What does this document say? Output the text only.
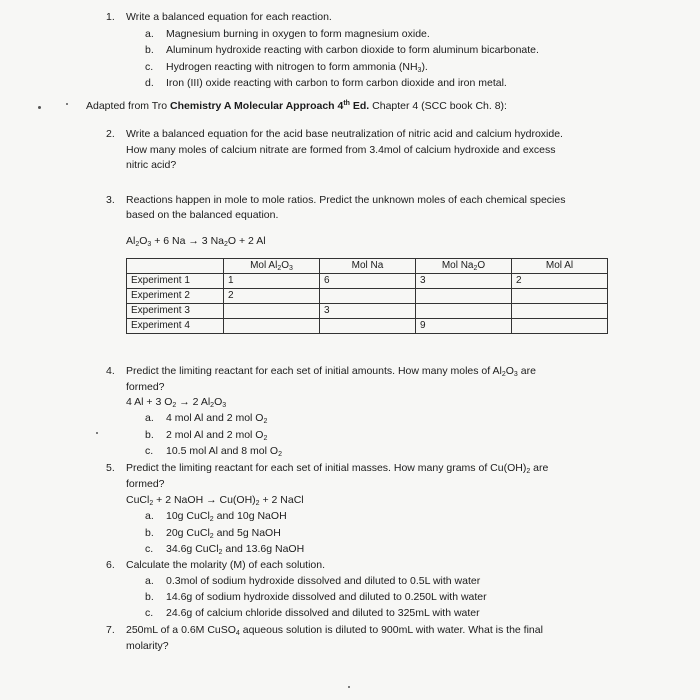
1. Write a balanced equation for each reaction.
a. Magnesium burning in oxygen to form magnesium oxide.
b. Aluminum hydroxide reacting with carbon dioxide to form aluminum bicarbonate.
c. Hydrogen reacting with nitrogen to form ammonia $(NH_3)$.
d. Iron (III) oxide reacting with carbon to form carbon dioxide and iron metal.
Adapted from Tro Chemistry A Molecular Approach 4th Ed. Chapter 4 (SCC book Ch. 8):
2. Write a balanced equation for the acid base neutralization of nitric acid and calcium hydroxide.
How many moles of calcium nitrate are formed from 3.4mol of calcium hydroxide and excess
nitric acid?
3. Reactions happen in mole to mole ratios. Predict the unknown moles of each chemical species
based on the balanced equation.
$Al_2O_3 + 6$ Na → 3 $Na_2O + 2$ Al
	Mol $Al_2O_3$	Mol Na	Mol $Na_2O$	Mol Al
Experiment 1	1	6	3	2
Experiment 2	2			
Experiment 3		3		
Experiment 4			9	
4. Predict the limiting reactant for each set of initial amounts. How many moles of $Al_2O_3$ are
formed?
4 Al + 3 $O_2 \to 2$ $Al_2O_3$
a. 4 mol Al and 2 mol $O_2$
b. 2 mol Al and 2 mol $O_2$
c. 10.5 mol Al and 8 mol $O_2$
5. Predict the limiting reactant for each set of initial masses. How many grams of $Cu(OH)_2$ are
formed?
CuCl$_2$ + 2 NaOH → $Cu(OH)_2 + 2$ NaCl
a. 10g CuCl$_2$ and 10g NaOH
b. 20g CuCl$_2$ and 5g NaOH
c. 34.6g CuCl$_2$ and 13.6g NaOH
6. Calculate the molarity (M) of each solution.
a. 0.3mol of sodium hydroxide dissolved and diluted to 0.5L with water
b. 14.6g of sodium hydroxide dissolved and diluted to 0.250L with water
c. 24.6g of calcium chloride dissolved and diluted to 325mL with water
7. 250mL of a 0.6M CuSO$_4$ aqueous solution is diluted to 900mL with water. What is the final
molarity?
